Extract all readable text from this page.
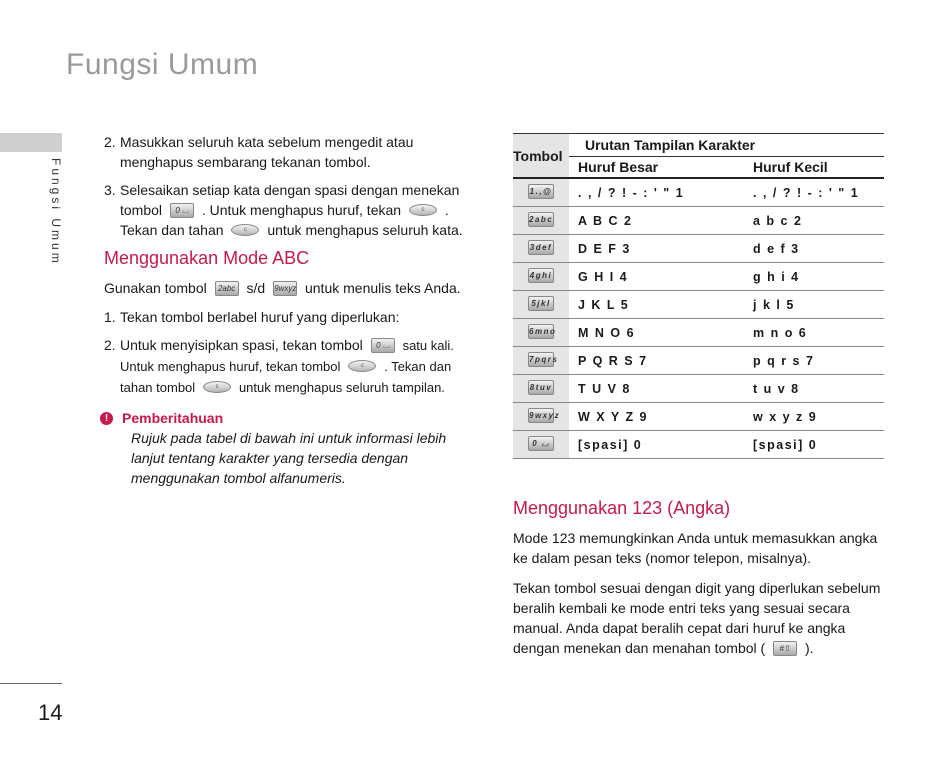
Fungsi Umum
Fungsi Umum
14
2. Masukkan seluruh kata sebelum mengedit atau menghapus sembarang tekanan tombol.
3. Selesaikan setiap kata dengan spasi dengan menekan tombol 0 ⌴ . Untuk menghapus huruf, tekan	c . Tekan dan tahan	c untuk menghapus seluruh kata.
Menggunakan Mode ABC

Gunakan tombol 2abc s/d 9wxyz untuk menulis teks Anda.

1. Tekan tombol berlabel huruf yang diperlukan:
2. Untuk menyisipkan spasi, tekan tombol 0 ⌴ satu kali. Untuk menghapus huruf, tekan tombol	c . Tekan dan tahan tombol	c untuk menghapus seluruh tampilan.
! Pemberitahuan
Rujuk pada tabel di bawah ini untuk informasi lebih lanjut tentang karakter yang tersedia dengan menggunakan tombol alfanumeris.
Tombol	Urutan Tampilan Karakter	
	Huruf Besar	Huruf Kecil
1.,@	. , / ? ! - : ' " 1	. , / ? ! - : ' " 1
2abc	A B C 2	a b c 2
3def	D E F 3	d e f 3
4ghi	G H I 4	g h i 4
5jkl	J K L 5	j k l 5
6mno	M N O 6	m n o 6
7pqrs	P Q R S 7	p q r s 7
8tuv	T U V 8	t u v 8
9wxyz	W X Y Z 9	w x y z 9
0 ⌴	[spasi] 0	[spasi] 0
Menggunakan 123 (Angka)

Mode 123 memungkinkan Anda untuk memasukkan angka ke dalam pesan teks (nomor telepon, misalnya).

Tekan tombol sesuai dengan digit yang diperlukan sebelum beralih kembali ke mode entri teks yang sesuai secara manual. Anda dapat beralih cepat dari huruf ke angka dengan menekan dan menahan tombol ( #⇧ ).
